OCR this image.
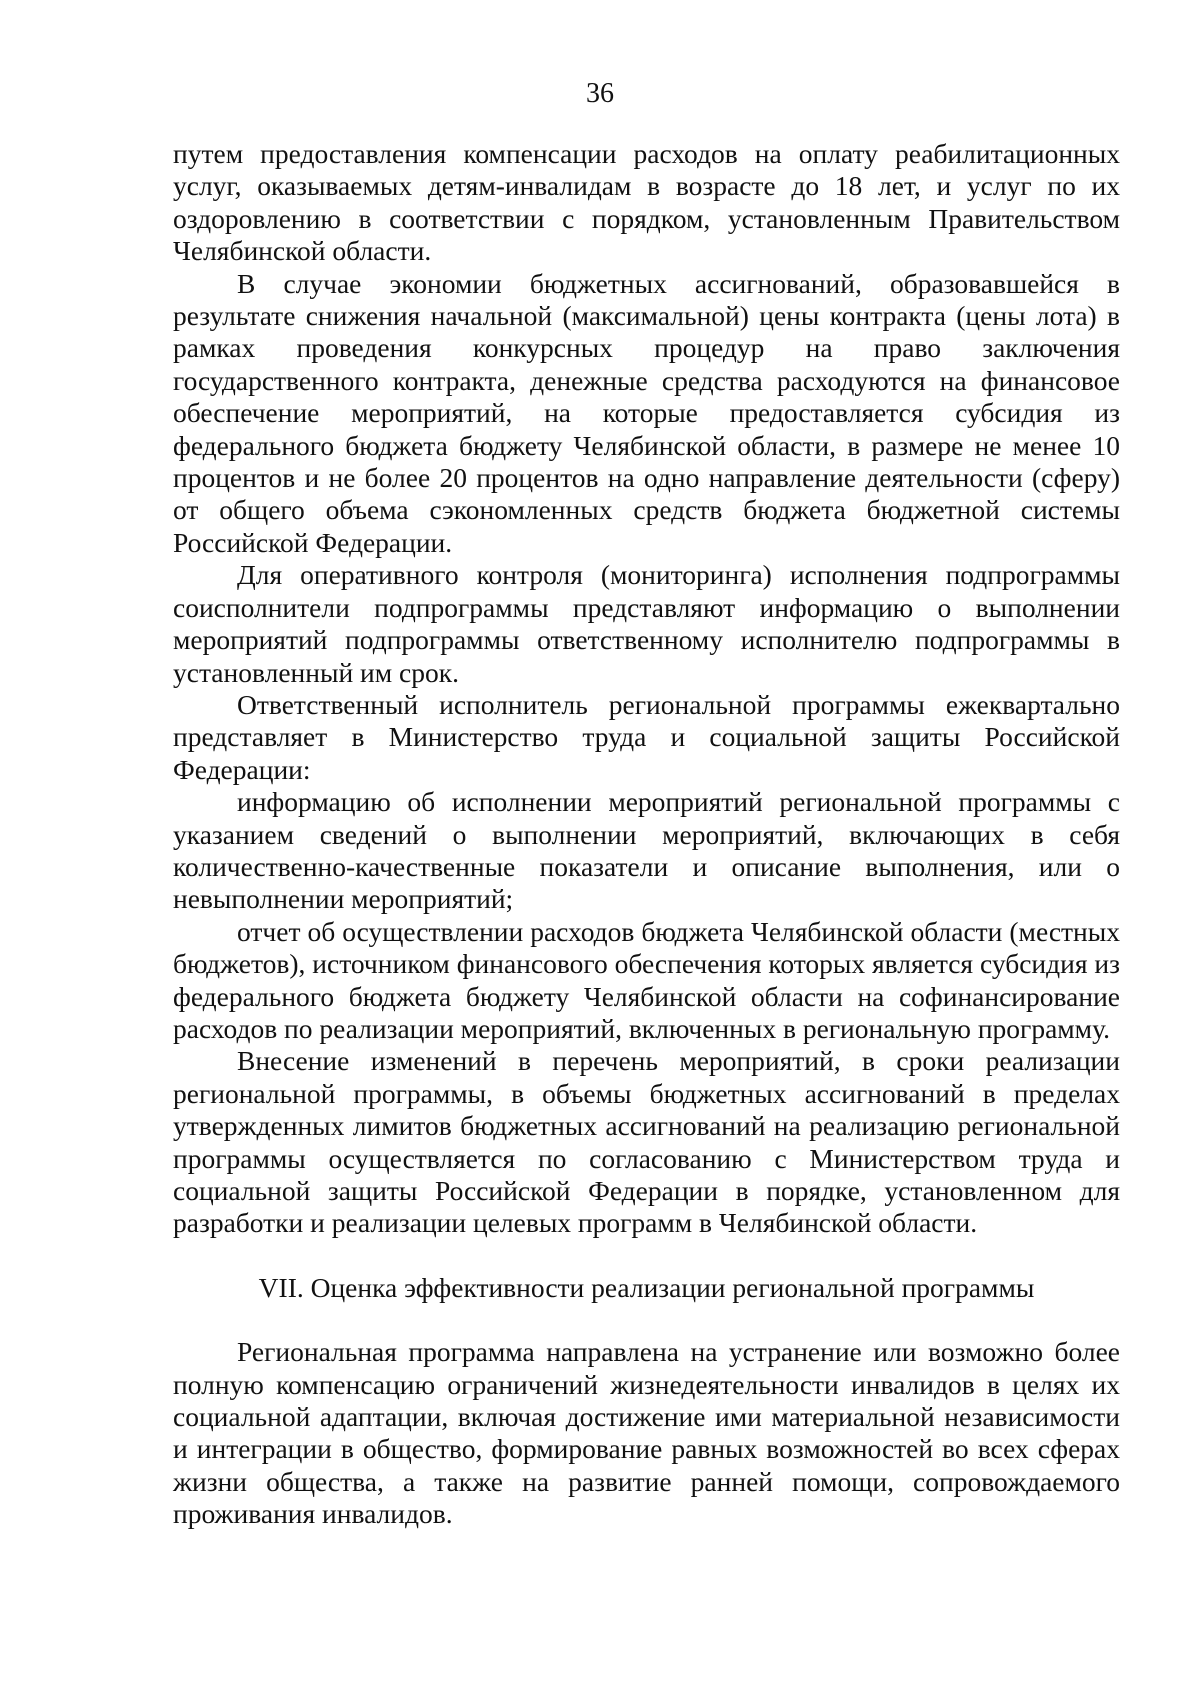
36

путем предоставления компенсации расходов на оплату реабилитационных услуг, оказываемых детям-инвалидам в возрасте до 18 лет, и услуг по их оздоровлению в соответствии с порядком, установленным Правительством Челябинской области.

В случае экономии бюджетных ассигнований, образовавшейся в результате снижения начальной (максимальной) цены контракта (цены лота) в рамках проведения конкурсных процедур на право заключения государственного контракта, денежные средства расходуются на финансовое обеспечение мероприятий, на которые предоставляется субсидия из федерального бюджета бюджету Челябинской области, в размере не менее 10 процентов и не более 20 процентов на одно направление деятельности (сферу) от общего объема сэкономленных средств бюджета бюджетной системы Российской Федерации.

Для оперативного контроля (мониторинга) исполнения подпрограммы соисполнители подпрограммы представляют информацию о выполнении мероприятий подпрограммы ответственному исполнителю подпрограммы в установленный им срок.

Ответственный исполнитель региональной программы ежеквартально представляет в Министерство труда и социальной защиты Российской Федерации:

информацию об исполнении мероприятий региональной программы с указанием сведений о выполнении мероприятий, включающих в себя количественно-качественные показатели и описание выполнения, или о невыполнении мероприятий;

отчет об осуществлении расходов бюджета Челябинской области (местных бюджетов), источником финансового обеспечения которых является субсидия из федерального бюджета бюджету Челябинской области на софинансирование расходов по реализации мероприятий, включенных в региональную программу.

Внесение изменений в перечень мероприятий, в сроки реализации региональной программы, в объемы бюджетных ассигнований в пределах утвержденных лимитов бюджетных ассигнований на реализацию региональной программы осуществляется по согласованию с Министерством труда и социальной защиты Российской Федерации в порядке, установленном для разработки и реализации целевых программ в Челябинской области.

VII. Оценка эффективности реализации региональной программы

Региональная программа направлена на устранение или возможно более полную компенсацию ограничений жизнедеятельности инвалидов в целях их социальной адаптации, включая достижение ими материальной независимости и интеграции в общество, формирование равных возможностей во всех сферах жизни общества, а также на развитие ранней помощи, сопровождаемого проживания инвалидов.
